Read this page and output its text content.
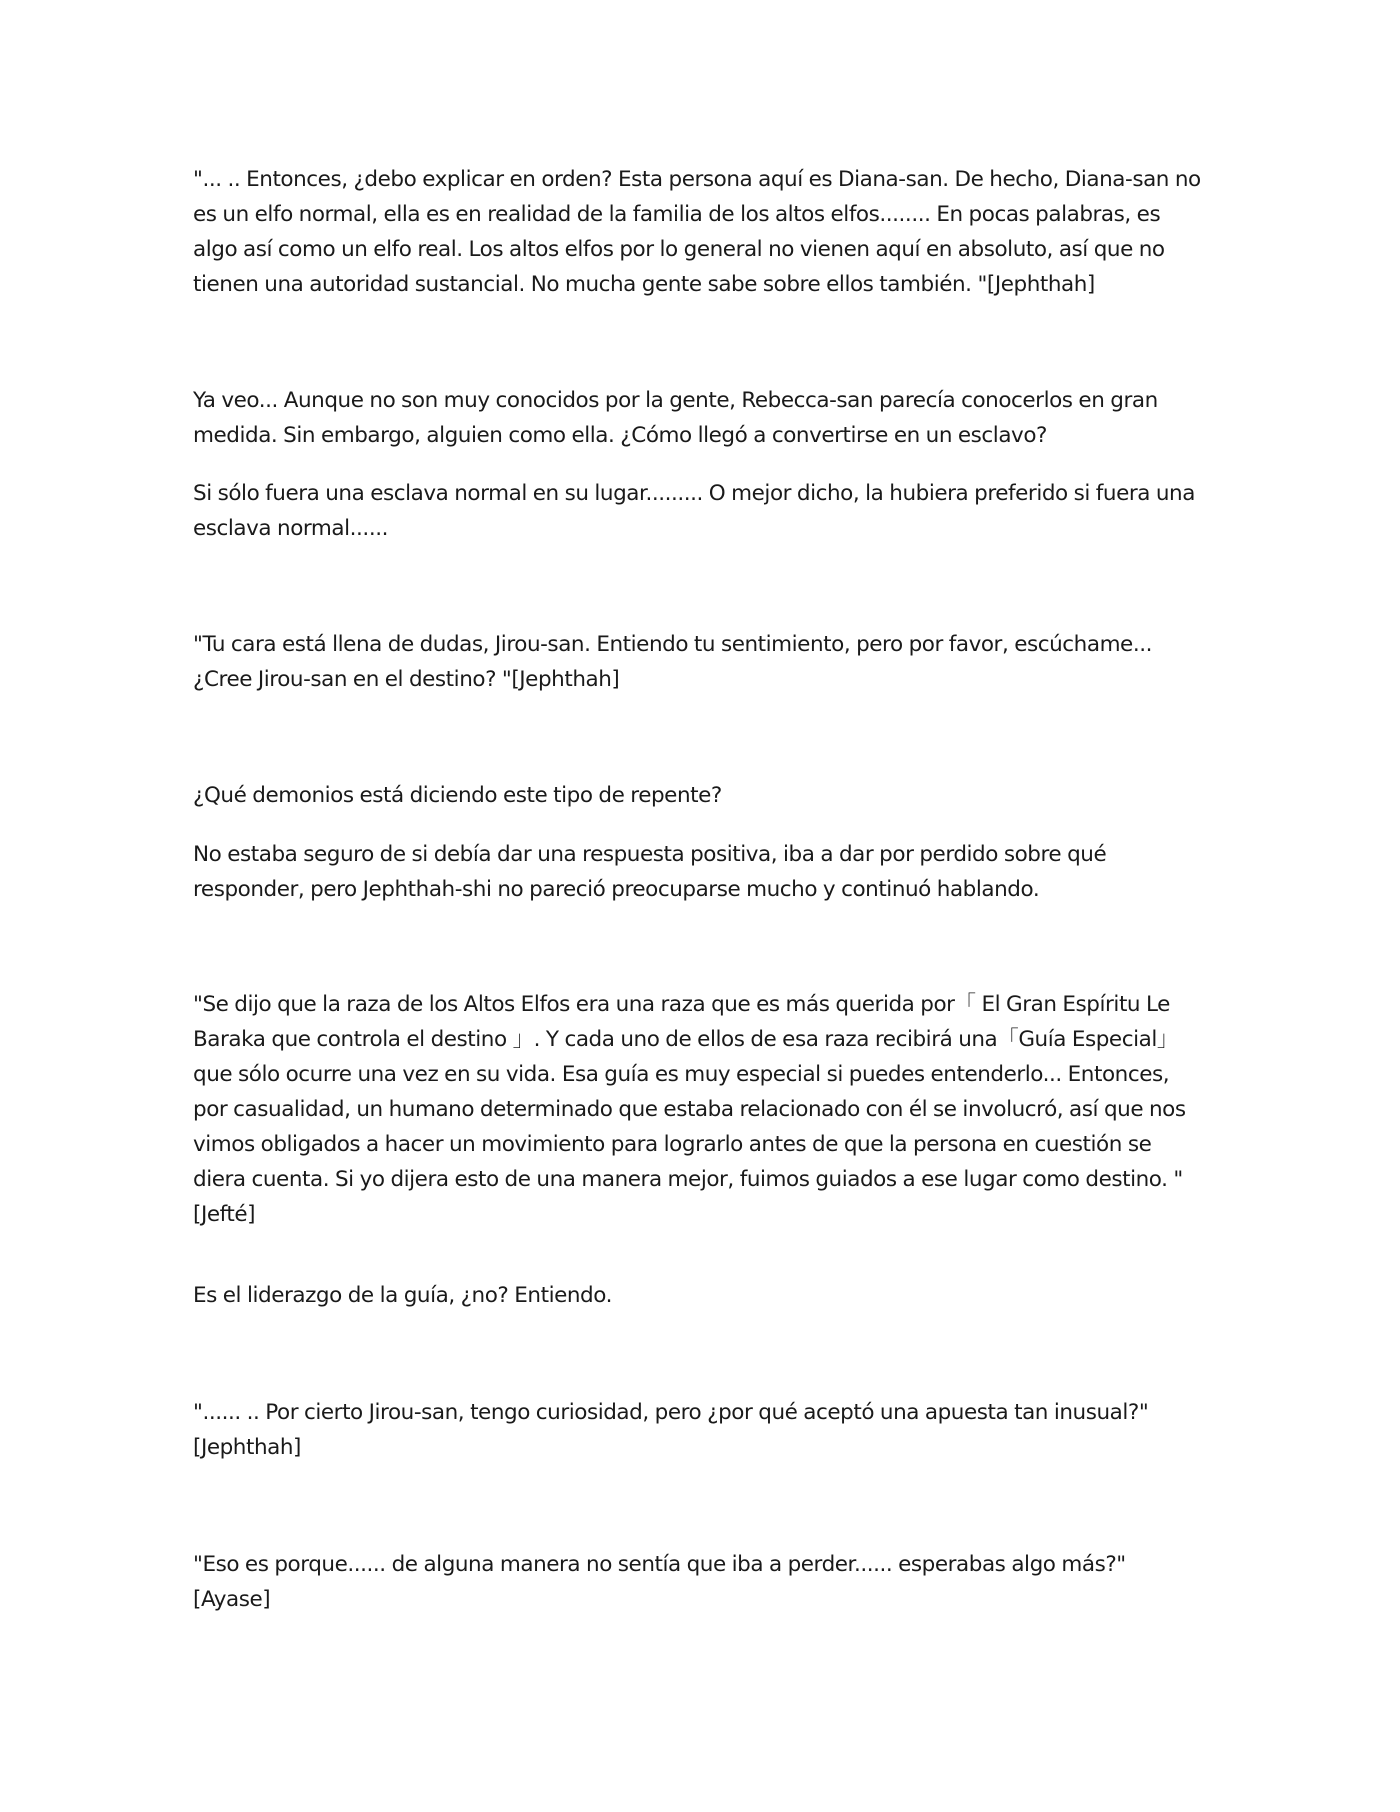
"... .. Entonces, ¿debo explicar en orden? Esta persona aquí es Diana-san. De hecho, Diana-san no es un elfo normal, ella es en realidad de la familia de los altos elfos........ En pocas palabras, es algo así como un elfo real. Los altos elfos por lo general no vienen aquí en absoluto, así que no tienen una autoridad sustancial. No mucha gente sabe sobre ellos también. "[Jephthah]

Ya veo... Aunque no son muy conocidos por la gente, Rebecca-san parecía conocerlos en gran medida. Sin embargo, alguien como ella. ¿Cómo llegó a convertirse en un esclavo?

Si sólo fuera una esclava normal en su lugar......... O mejor dicho, la hubiera preferido si fuera una esclava normal......

"Tu cara está llena de dudas, Jirou-san. Entiendo tu sentimiento, pero por favor, escúchame... ¿Cree Jirou-san en el destino? "[Jephthah]

¿Qué demonios está diciendo este tipo de repente?

No estaba seguro de si debía dar una respuesta positiva, iba a dar por perdido sobre qué responder, pero Jephthah-shi no pareció preocuparse mucho y continuó hablando.

"Se dijo que la raza de los Altos Elfos era una raza que es más querida por「 El Gran Espíritu Le Baraka que controla el destino 」. Y cada uno de ellos de esa raza recibirá una「Guía Especial」que sólo ocurre una vez en su vida. Esa guía es muy especial si puedes entenderlo... Entonces, por casualidad, un humano determinado que estaba relacionado con él se involucró, así que nos vimos obligados a hacer un movimiento para lograrlo antes de que la persona en cuestión se diera cuenta. Si yo dijera esto de una manera mejor, fuimos guiados a ese lugar como destino. "[Jefté]

Es el liderazgo de la guía, ¿no? Entiendo.

"...... .. Por cierto Jirou-san, tengo curiosidad, pero ¿por qué aceptó una apuesta tan inusual?" [Jephthah]

"Eso es porque...... de alguna manera no sentía que iba a perder...... esperabas algo más?" [Ayase]
